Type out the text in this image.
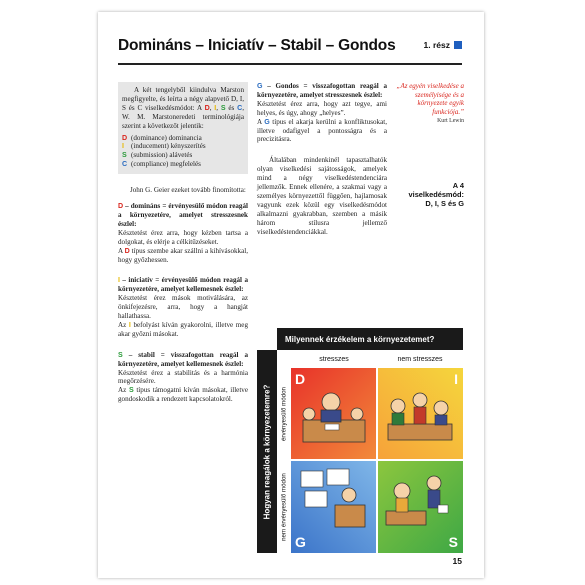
Domináns – Iniciatív – Stabil – Gondos	1. rész

A két tengelyből kiindulva Marston megfigyelte, és leírta a négy alapvető D, I, S és C viselkedésmódot: A D, I, S és C, W. M. Marstoneredeti terminológiája szerint a következőt jelentik:

D (dominance) dominancia
I (inducement) kényszerítés
S (submission) alávetés
C (compliance) megfelelés

John G. Geier ezeket tovább finomította:

D – domináns = érvényesülő módon reagál a környezetére, amelyet stresszesnek észlel:

Késztetést érez arra, hogy kézben tartsa a dolgokat, és elérje a célkitűzéseket.

A D típus szembe akar szállni a kihívásokkal, hogy győzhessen.

I – iniciatív = érvényesülő módon reagál a környezetére, amelyet kellemesnek észlel:

Késztetést érez mások motiválására, az önkifejezésre, arra, hogy a hangját hallathassa.

Az I befolyást kíván gyakorolni, illetve meg akar győzni másokat.

S – stabil = visszafogottan reagál a környezetére, amelyet kellemesnek észlel:

Késztetést érez a stabilitás és a harmónia megőrzésére.

Az S típus támogatni kíván másokat, illetve gondoskodik a rendezett kapcsolatokról.

G – Gondos = visszafogottan reagál a környezetére, amelyet stresszesnek észlel:

Késztetést érez arra, hogy azt tegye, ami helyes, és úgy, ahogy „helyes”.

A G típus el akarja kerülni a konfliktusokat, illetve odafigyel a pontosságra és a precizitásra.

Általában mindenkinél tapasztalhatók olyan viselkedési sajátosságok, amelyek mind a négy viselkedéstendenciára jellemzők. Ennek ellenére, a szakmai vagy a személyes környezettől függően, hajlamosak vagyunk ezek közül egy viselkedésmódot alkalmazni gyakrabban, szemben a másik három stílusra jellemző viselkedéstendenciákkal.

„Az egyén viselkedése a személyisége és a környezete egyik funkciója.”

Kurt Lewin

A 4
viselkedésmód:
D, I, S és G
Milyennek érzékelem a környezetemet?
Hogyan reagálok a környezetemre?
stresszes	nem stresszes
érvényesülő módon
nem érvényesülő módon
D	I
G	S
15
